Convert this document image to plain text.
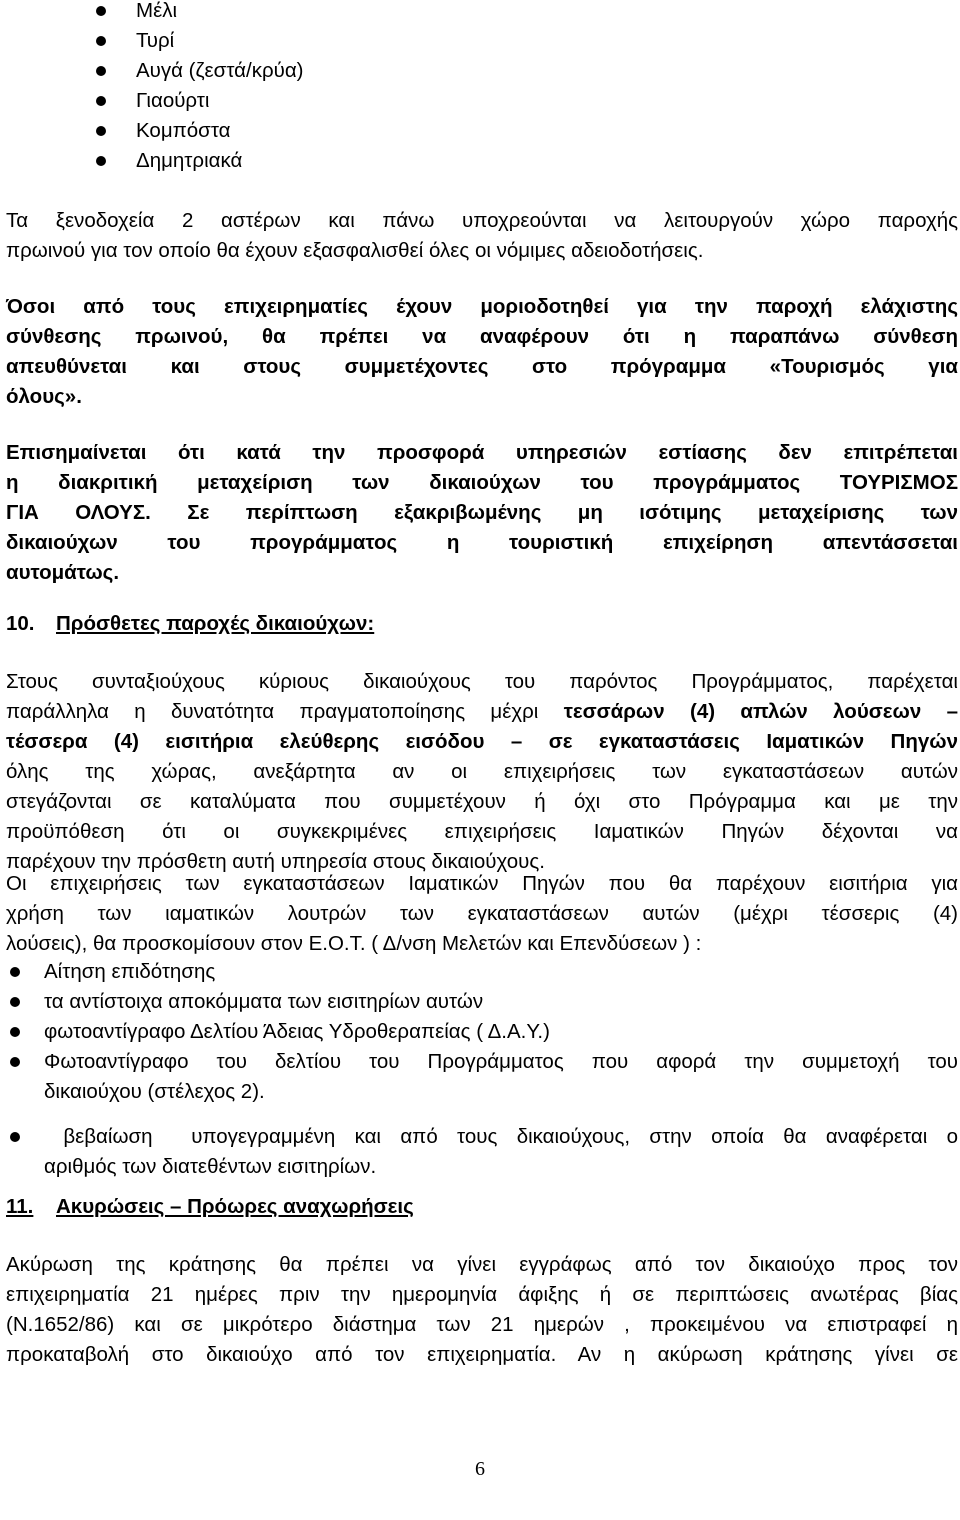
Μέλι
Τυρί
Αυγά (ζεστά/κρύα)
Γιαούρτι
Κομπόστα
Δημητριακά
Τα ξενοδοχεία 2 αστέρων και πάνω υποχρεούνται να λειτουργούν χώρο παροχής
πρωινού για τον οποίο θα έχουν εξασφαλισθεί όλες οι νόμιμες αδειοδοτήσεις.
Όσοι από τους επιχειρηματίες έχουν μοριοδοτηθεί για την παροχή ελάχιστης
σύνθεσης πρωινού, θα πρέπει να αναφέρουν ότι η παραπάνω σύνθεση
απευθύνεται και στους συμμετέχοντες στο πρόγραμμα «Τουρισμός για
όλους».
Επισημαίνεται ότι κατά την προσφορά υπηρεσιών εστίασης δεν επιτρέπεται
η διακριτική μεταχείριση των δικαιούχων του προγράμματος ΤΟΥΡΙΣΜΟΣ
ΓΙΑ ΟΛΟΥΣ. Σε περίπτωση εξακριβωμένης μη ισότιμης μεταχείρισης των
δικαιούχων του προγράμματος η τουριστική επιχείρηση απεντάσσεται
αυτομάτως.
10. Πρόσθετες παροχές δικαιούχων:
Στους συνταξιούχους κύριους δικαιούχους του παρόντος Προγράμματος, παρέχεται
παράλληλα η δυνατότητα πραγματοποίησης μέχρι τεσσάρων (4) απλών λούσεων –
τέσσερα (4) εισιτήρια ελεύθερης εισόδου – σε εγκαταστάσεις Ιαματικών Πηγών
όλης της χώρας, ανεξάρτητα αν οι επιχειρήσεις των εγκαταστάσεων αυτών
στεγάζονται σε καταλύματα που συμμετέχουν ή όχι στο Πρόγραμμα και με την
προϋπόθεση ότι οι συγκεκριμένες επιχειρήσεις Ιαματικών Πηγών δέχονται να
παρέχουν την πρόσθετη αυτή υπηρεσία στους δικαιούχους.
Οι επιχειρήσεις των εγκαταστάσεων Ιαματικών Πηγών που θα παρέχουν εισιτήρια για
χρήση των ιαματικών λουτρών των εγκαταστάσεων αυτών (μέχρι τέσσερις (4)
λούσεις), θα προσκομίσουν στον Ε.Ο.Τ. ( Δ/νση Μελετών και Επενδύσεων ) :
Αίτηση επιδότησης
τα αντίστοιχα αποκόμματα των εισιτηρίων αυτών
φωτοαντίγραφο Δελτίου Άδειας Υδροθεραπείας ( Δ.Α.Υ.)
Φωτοαντίγραφο του δελτίου του Προγράμματος που αφορά την συμμετοχή του
δικαιούχου (στέλεχος 2).
βεβαίωση  υπογεγραμμένη και από τους δικαιούχους, στην οποία θα αναφέρεται ο
αριθμός των διατεθέντων εισιτηρίων.
11. Ακυρώσεις – Πρόωρες αναχωρήσεις
Ακύρωση της κράτησης θα πρέπει να γίνει εγγράφως από τον δικαιούχο προς τον
επιχειρηματία 21 ημέρες πριν την ημερομηνία άφιξης ή σε περιπτώσεις ανωτέρας βίας
(Ν.1652/86) και σε μικρότερο διάστημα των 21 ημερών , προκειμένου να επιστραφεί η
προκαταβολή στο δικαιούχο από τον επιχειρηματία. Αν η ακύρωση κράτησης γίνει σε
6
